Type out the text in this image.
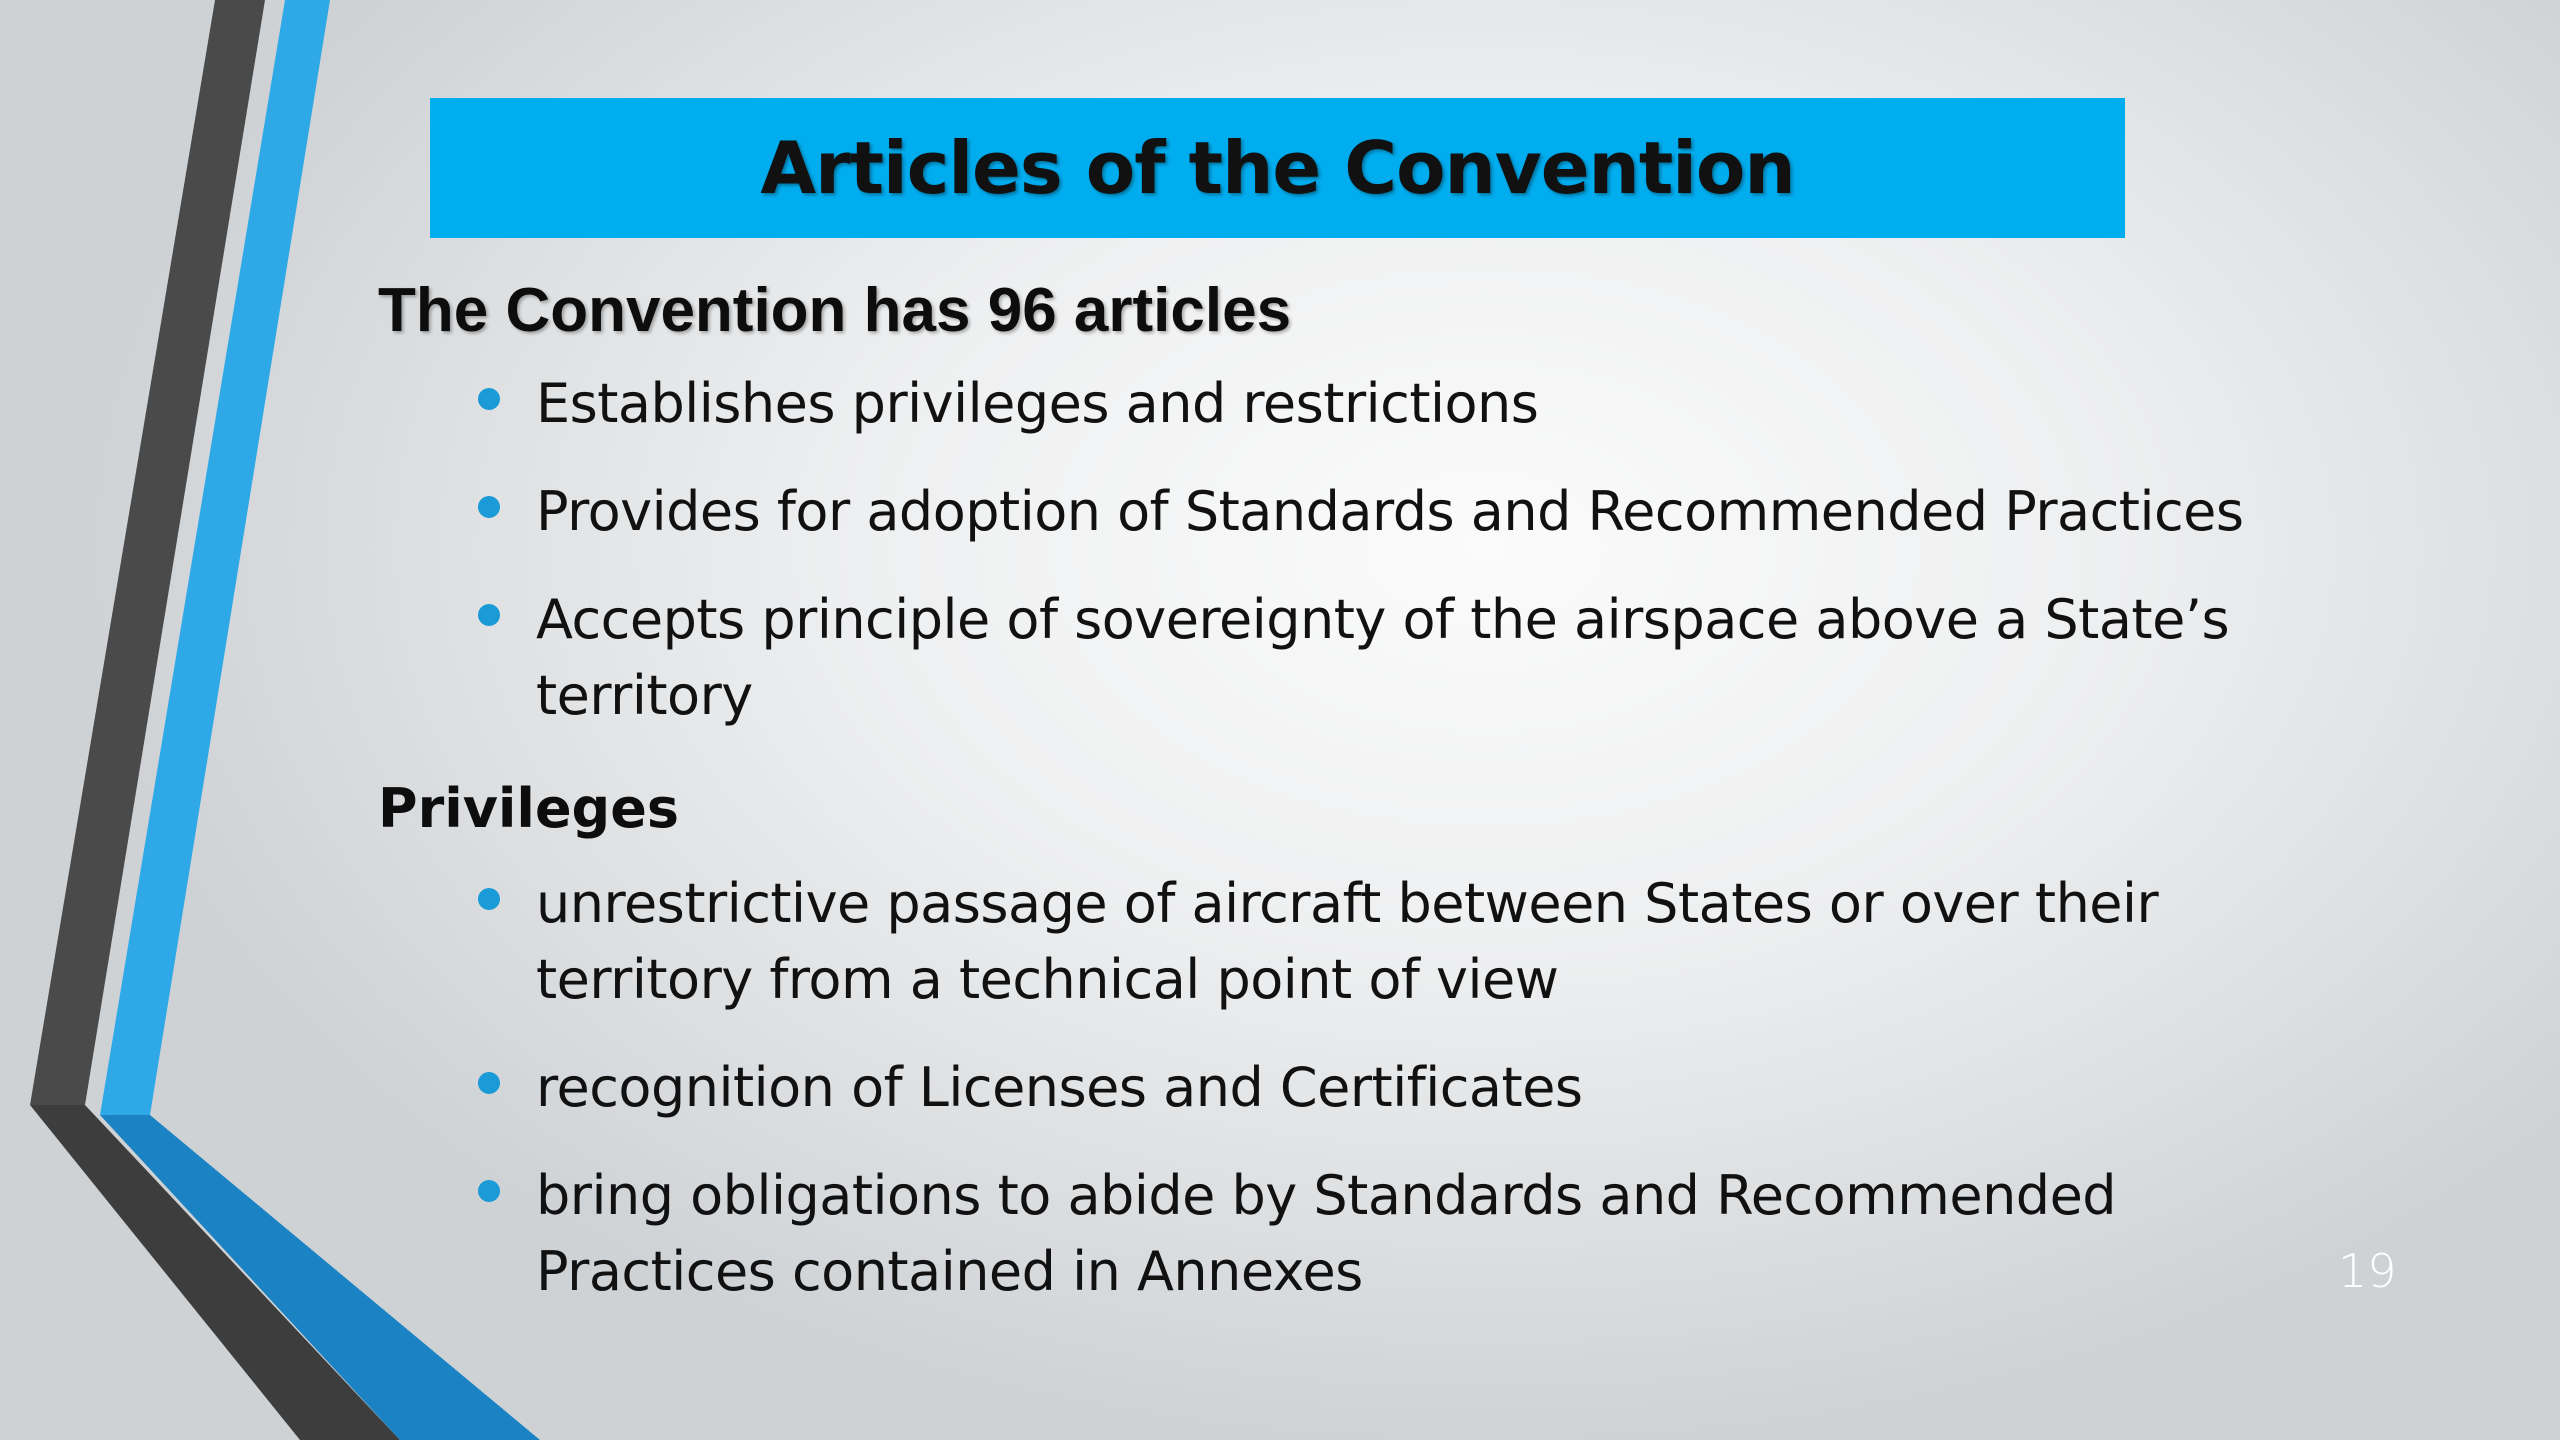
Articles of the Convention
The Convention has 96 articles
Establishes privileges and restrictions
Provides for adoption of Standards and Recommended Practices
Accepts principle of sovereignty of the airspace above a State’s territory
Privileges
unrestrictive passage of aircraft between States or over their territory from a technical point of view
recognition of Licenses and Certificates
bring obligations to abide by Standards and Recommended Practices contained in Annexes	19
